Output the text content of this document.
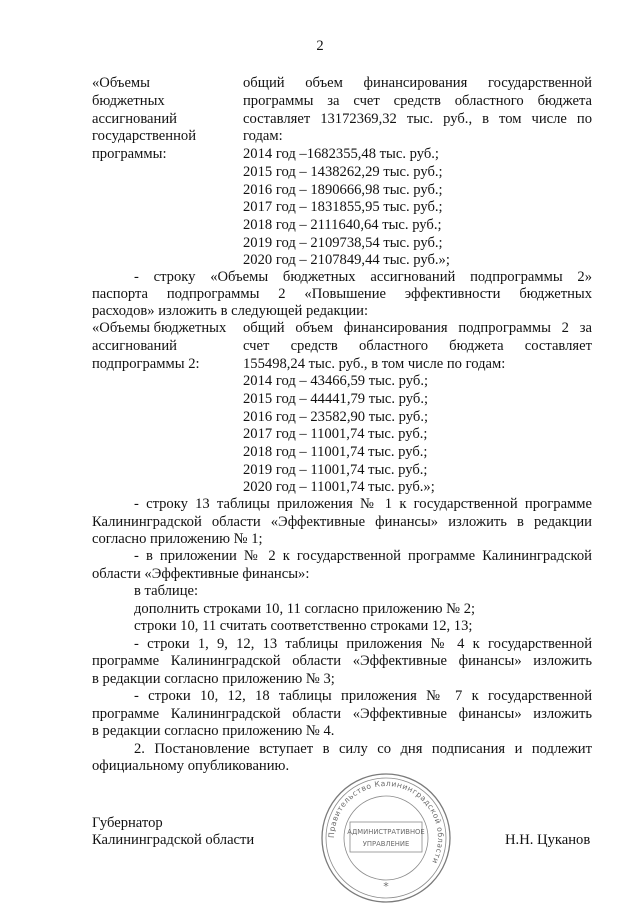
2
«Объемы
бюджетных
ассигнований
государственной
программы:
общий объем финансирования государственной
программы за счет средств областного бюджета
составляет 13172369,32 тыс. руб., в том числе по
годам:
2014 год –1682355,48 тыс. руб.;
2015 год – 1438262,29 тыс. руб.;
2016 год – 1890666,98 тыс. руб.;
2017 год – 1831855,95 тыс. руб.;
2018 год – 2111640,64 тыс. руб.;
2019 год – 2109738,54 тыс. руб.;
2020 год – 2107849,44 тыс. руб.»;
- строку «Объемы бюджетных ассигнований подпрограммы 2»
паспорта подпрограммы 2 «Повышение эффективности бюджетных
расходов» изложить в следующей редакции:
«Объемы бюджетных
ассигнований
подпрограммы 2:
общий объем финансирования подпрограммы 2 за
счет средств областного бюджета составляет
155498,24 тыс. руб., в том числе по годам:
2014 год – 43466,59 тыс. руб.;
2015 год – 44441,79 тыс. руб.;
2016 год – 23582,90 тыс. руб.;
2017 год – 11001,74 тыс. руб.;
2018 год – 11001,74 тыс. руб.;
2019 год – 11001,74 тыс. руб.;
2020 год – 11001,74 тыс. руб.»;
- строку 13 таблицы приложения № 1 к государственной программе
Калининградской области «Эффективные финансы» изложить в редакции
согласно приложению № 1;
- в приложении № 2 к государственной программе Калининградской
области «Эффективные финансы»:
в таблице:
дополнить строками 10, 11 согласно приложению № 2;
строки 10, 11 считать соответственно строками 12, 13;
- строки 1, 9, 12, 13 таблицы приложения № 4 к государственной
программе Калининградской области «Эффективные финансы» изложить
в редакции согласно приложению № 3;
- строки 10, 12, 18 таблицы приложения № 7 к государственной
программе Калининградской области «Эффективные финансы» изложить
в редакции согласно приложению № 4.
2. Постановление вступает в силу со дня подписания и подлежит
официальному опубликованию.
Правительство Калининградской области
АДМИНИСТРАТИВНОЕ
УПРАВЛЕНИЕ
*
Губернатор
Калининградской области	Н.Н. Цуканов
